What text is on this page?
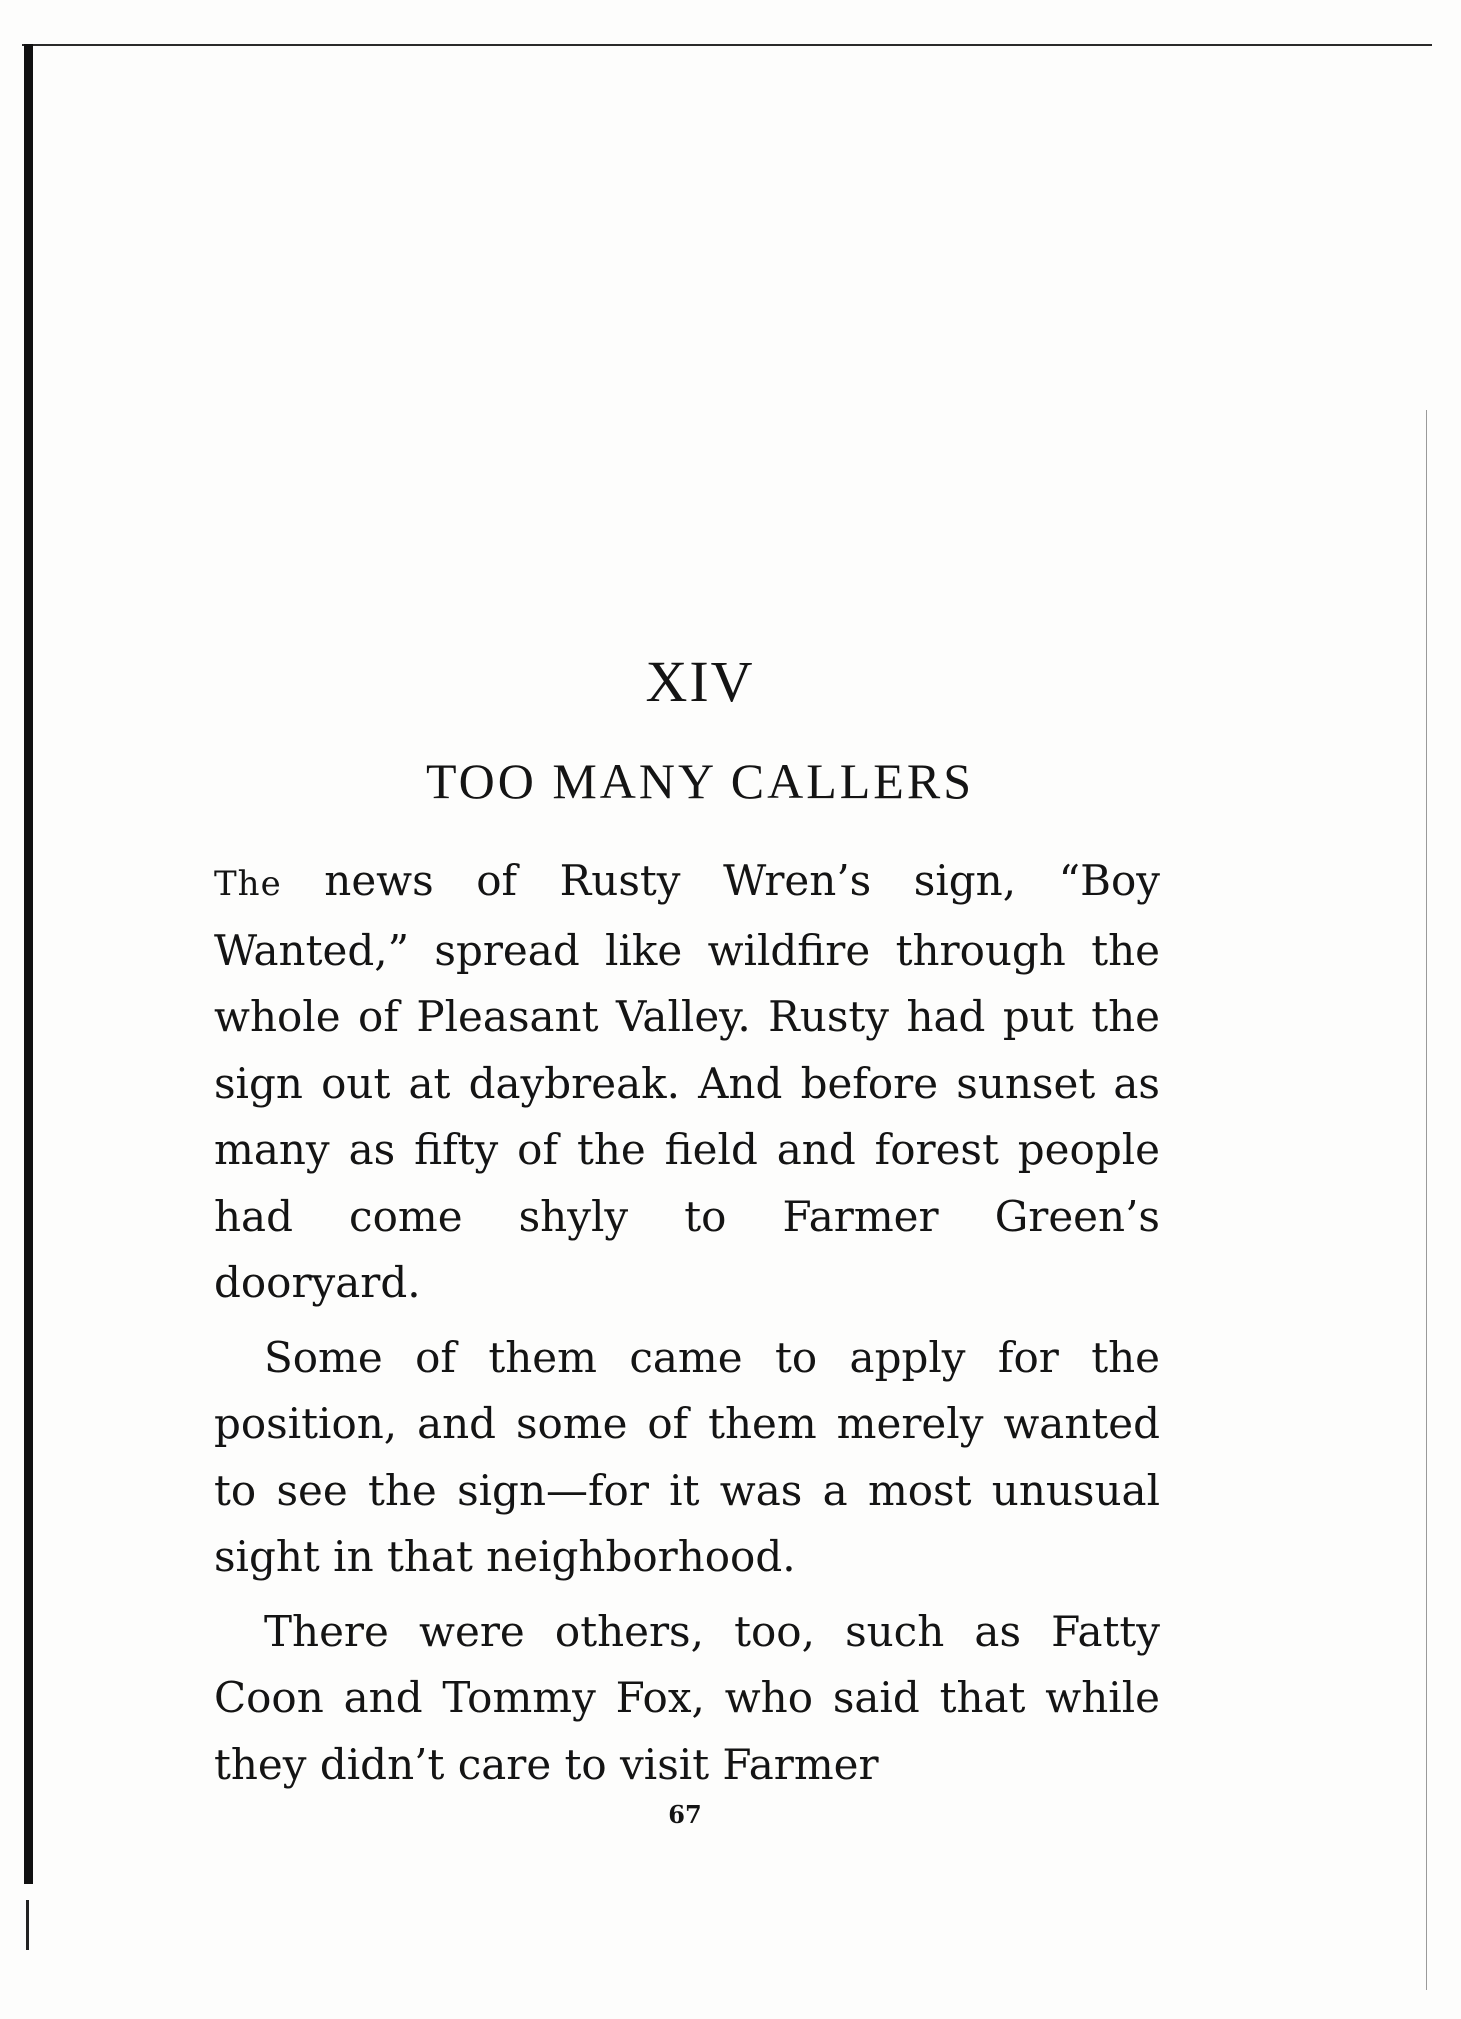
XIV
TOO MANY CALLERS

The news of Rusty Wren’s sign, “Boy Wanted,” spread like wildfire through the whole of Pleasant Valley. Rusty had put the sign out at daybreak. And before sunset as many as fifty of the field and forest people had come shyly to Farmer Green’s dooryard.

Some of them came to apply for the position, and some of them merely wanted to see the sign—for it was a most unusual sight in that neighborhood.

There were others, too, such as Fatty Coon and Tommy Fox, who said that while they didn’t care to visit Farmer

67
